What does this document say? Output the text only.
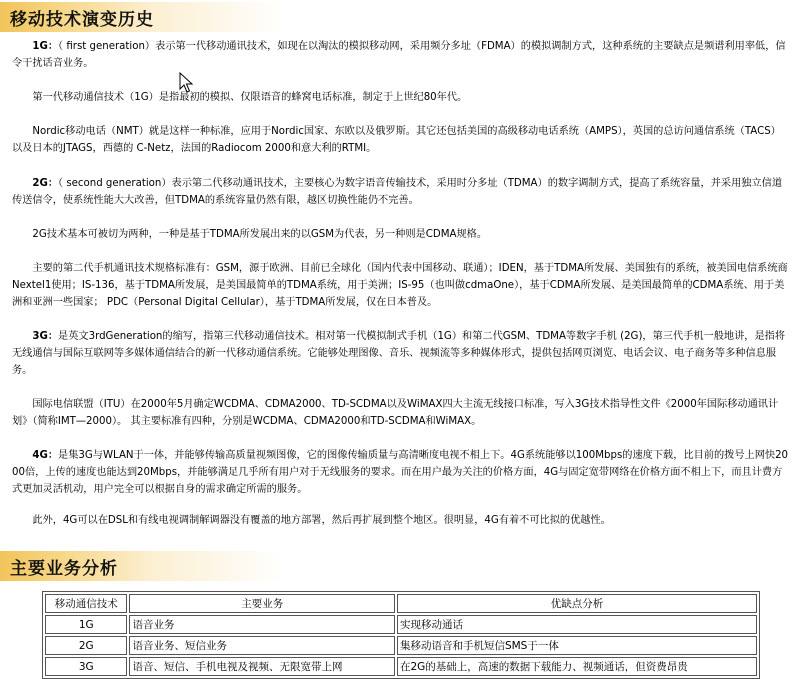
移动技术演变历史

1G：（ first generation）表示第一代移动通讯技术，如现在以淘汰的模拟移动网，采用频分多址（FDMA）的模拟调制方式，这种系统的主要缺点是频谱利用率低，信令干扰话音业务。

第一代移动通信技术（1G）是指最初的模拟、仅限语音的蜂窝电话标准，制定于上世纪80年代。

Nordic移动电话（NMT）就是这样一种标准，应用于Nordic国家、东欧以及俄罗斯。其它还包括美国的高级移动电话系统（AMPS），英国的总访问通信系统（TACS）以及日本的JTAGS，西德的 C-Netz，法国的Radiocom 2000和意大利的RTMI。

2G：（ second generation）表示第二代移动通讯技术，主要核心为数字语音传输技术，采用时分多址（TDMA）的数字调制方式，提高了系统容量，并采用独立信道传送信令，使系统性能大大改善，但TDMA的系统容量仍然有限，越区切换性能仍不完善。

2G技术基本可被切为两种，一种是基于TDMA所发展出来的以GSM为代表，另一种则是CDMA规格。

主要的第二代手机通讯技术规格标准有：GSM，源于欧洲、目前已全球化（国内代表中国移动、联通）；IDEN，基于TDMA所发展、美国独有的系统，被美国电信系统商Nextel1使用；IS-136，基于TDMA所发展，是美国最简单的TDMA系统，用于美洲；IS-95（也叫做cdmaOne），基于CDMA所发展、是美国最简单的CDMA系统、用于美洲和亚洲一些国家； PDC（Personal Digital Cellular），基于TDMA所发展，仅在日本普及。

3G：是英文3rdGeneration的缩写，指第三代移动通信技术。相对第一代模拟制式手机（1G）和第二代GSM、TDMA等数字手机 (2G)，第三代手机一般地讲，是指将无线通信与国际互联网等多媒体通信结合的新一代移动通信系统。它能够处理图像、音乐、视频流等多种媒体形式，提供包括网页浏览、电话会议、电子商务等多种信息服务。

国际电信联盟（ITU）在2000年5月确定WCDMA、CDMA2000、TD-SCDMA以及WiMAX四大主流无线接口标准，写入3G技术指导性文件《2000年国际移动通讯计划》（简称IMT—2000）。 其主要标准有四种，分别是WCDMA、CDMA2000和TD-SCDMA和WiMAX。

4G：是集3G与WLAN于一体，并能够传输高质量视频图像，它的图像传输质量与高清晰度电视不相上下。4G系统能够以100Mbps的速度下载，比目前的拨号上网快2000倍，上传的速度也能达到20Mbps，并能够满足几乎所有用户对于无线服务的要求。而在用户最为关注的价格方面，4G与固定宽带网络在价格方面不相上下，而且计费方式更加灵活机动，用户完全可以根据自身的需求确定所需的服务。

此外，4G可以在DSL和有线电视调制解调器没有覆盖的地方部署，然后再扩展到整个地区。很明显，4G有着不可比拟的优越性。

主要业务分析
移动通信技术	主要业务	优缺点分析
1G	语音业务	实现移动通话
2G	语音业务、短信业务	集移动语音和手机短信SMS于一体
3G	语音、短信、手机电视及视频、无限宽带上网	在2G的基础上，高速的数据下载能力、视频通话，但资费昂贵
